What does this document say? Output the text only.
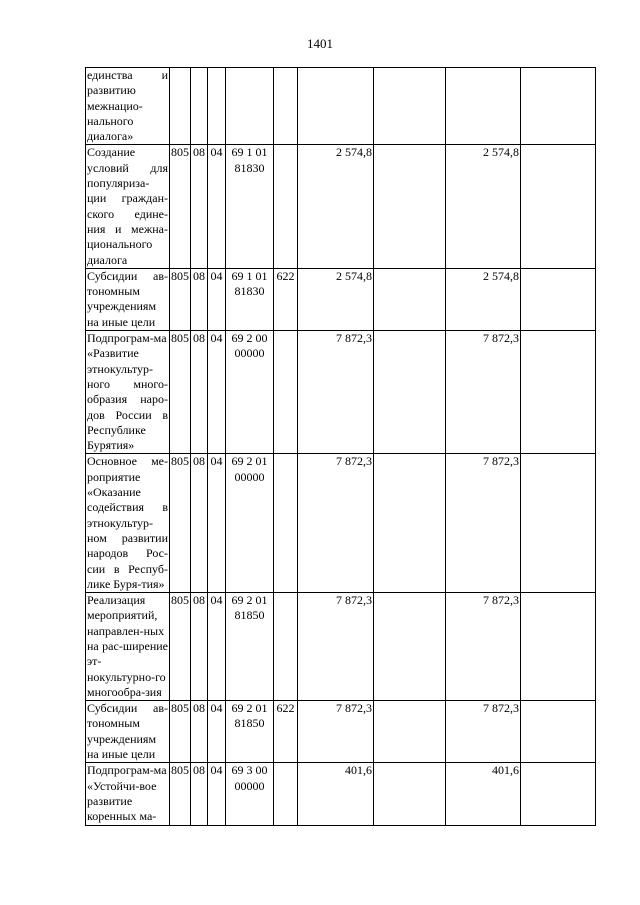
1401
единства и развитию межнацио-нального диалога»									
Создание условий для популяриза-ции граждан-ского едине-ния и межна-ционального диалога	805	08	04	69 1 01 81830		2 574,8		2 574,8	
Субсидии ав-тономным учреждениям на иные цели	805	08	04	69 1 01 81830	622	2 574,8		2 574,8	
Подпрограм-ма «Развитие этнокультур-ного много-образия наро-дов России в Республике Бурятия»	805	08	04	69 2 00 00000		7 872,3		7 872,3	
Основное ме-роприятие «Оказание содействия в этнокультур-ном развитии народов Рос-сии в Респуб-лике Буря-тия»	805	08	04	69 2 01 00000		7 872,3		7 872,3	
Реализация мероприятий, направлен-ных на рас-ширение эт-нокультурно-го многообра-зия	805	08	04	69 2 01 81850		7 872,3		7 872,3	
Субсидии ав-тономным учреждениям на иные цели	805	08	04	69 2 01 81850	622	7 872,3		7 872,3	
Подпрограм-ма «Устойчи-вое развитие коренных ма-	805	08	04	69 3 00 00000		401,6		401,6	
